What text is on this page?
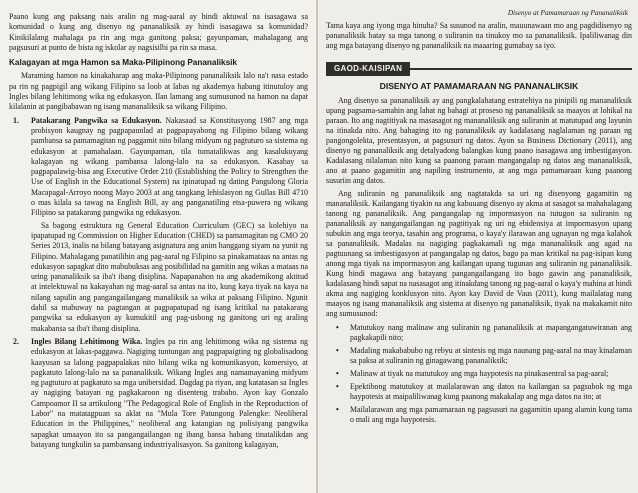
Paano kung ang paksang nais aralin ng mag-aaral ay hindi aktuwal na isasagawa sa komunidad o kung ang disenyo ng pananaliksik ay hindi isasagawa sa komunidad? Kinikilalang mahalaga pa rin ang mga ganitong paksa; gayunpaman, mahalagang ang pagsusuri at punto de bista ng iskolar ay nagsisilbi pa rin sa masa.

Kalagayan at mga Hamon sa Maka-Pilipinong Pananaliksik

Maraming hamon na kinakaharap ang maka-Pilipinong pananaliksik lalo na't nasa estado pa rin ng pagpigil ang wikang Filipino sa loob at labas ng akademya habang itinutuloy ang Ingles bilang lehitimong wika ng edukasyon. Ilan lamang ang sumusunod na hamon na dapat kilalanin at pangibabawan ng isang mananaliksik sa wikang Filipino.

1. Patakarang Pangwika sa Edukasyon. Nakasaad sa Konstitusyong 1987 ang mga probisyon kaugnay ng pagpapaunlad at pagpapayabong ng Filipino bilang wikang pambansa sa pamamagitan ng paggamit nito bilang midyum ng pagtuturo sa sistema ng edukasyon at pamahalaan. Gayunpaman, tila tumatalikwas ang kasalukuyang kalagayan ng wikang pambansa lalong-lalo na sa edukasyon. Kasabay sa pagpapalawig-bisa ang Executive Order 210 (Establishing the Policy to Strengthen the Use of English in the Educational System) na ipinatupad ng dating Pangulong Gloria Macapagal-Arroyo noong Mayo 2003 at ang tangkang lehislasyon ng Gullas Bill 4710 o mas kilala sa tawag na English Bill, ay ang panganatiling etsa-puwera ng wikang Filipino sa patakarang pangwika ng edukasyon.

Sa bagong estruktura ng General Education Curriculum (GEC) sa kolehiyo na ipapatupad ng Commission on Higher Education (CHED) sa pamamagitan ng CMO 20 Series 2013, inalis na bilang batayang asignatura ang anim hanggang siyam na yunit ng Filipino. Mahalagang panatilihin ang pag-aaral ng Filipino sa pinakamataas na antas ng edukasyon sapagkat dito mabubuksas ang posibilidad na gamitin ang wikas a mataas na uring pananaliksik sa iba't ibang disiplina. Napapanahon na ang akademikong aktitud at intelektuwal na kakayahan ng mag-aaral sa antas na ito, kung kaya tiyak na kaya na nilang sapulin ang pangangailangang manaliksik sa wika at paksang Filipino. Ngunit dahil sa mabuway na pagtangan at pagpapatupad ng isang kritikal na patakarang pangwika sa edukasyon ay kumukitil ang pag-usbong ng ganitong uri ng araling makabansa sa iba't ibang disiplina.

2. Ingles Bilang Lehitimong Wika. Ingles pa rin ang lehitimong wika ng sistema ng edukasyon at lakas-paggawa. Nagiging tuntungan ang pagpapaigting ng globalisadong kaayusan sa lalong pagpapalakas nito bilang wika ng komunikasyon, komersiyo, at pagkatuto lalong-lalo na sa pananaliksik. Wikang Ingles ang namamayaning midyum ng pagtuturo at pagkatuto sa mga unibersidad. Dagdag pa riyan, ang katatasan sa Ingles ay nagiging batayan ng pagkakaroon ng disenteng trabaho. Ayon kay Gonzalo Campoamor II sa artikulong "The Pedagogical Role of English in the Reproduction of Labor" na matatagpuan sa aklat na "Mula Tore Patungong Palengke: Neoliberal Education in the Philippines," neoliberal ang katangian ng polisiyang pangwika sapagkat umaayon ito sa pangangailangan ng ibang bansa habang tinatalikdan ang batayang tungkulin sa pambansang industriyalisasyon. Sa ganitong kalagayan,

Disenyo at Pamamaraan ng Pananaliksik

Tama kaya ang iyong mga hinuha? Sa susunod na aralin, mauunawaan mo ang pagdidisenyo ng pananaliksik batay sa mga tanong o suliranin na tinukoy mo sa pananaliksik. Ipaliliwanag din ang mga batayang disenyo ng pananaliksik na maaaring gumabay sa iyo.

GAOD-KAISIPAN
DISENYO AT PAMAMARAAN NG PANANALIKSIK

Ang disenyo sa pananaliksik ay ang pangkalahatang estratehiya na pinipili ng mananaliksik upang pagsama-samahin ang lahat ng bahagi at proseso ng pananaliksik sa maayos at lohikal na paraan. Ito ang nagtitiyak na masasagot ng mananaliksik ang suliranin at matutupad ang layunin na itinakda nito. Ang bahaging ito ng pananaliksik ay kadalasang naglalaman ng paraan ng pangongolekta, presentasyon, at pagsusuri ng datos. Ayon sa Business Dictionary (2011), ang disenyo ng pananaliksik ang detalyadong balangkas kung paano isasagawa ang imbestigasyon. Kadalasang nilalaman nito kung sa paanong paraan mangangalap ng datos ang mananaliksik, ano at paano gagamitin ang napiling instrumento, at ang mga pamamaraan kung paanong susuriin ang datos.

Ang suliranin ng pananaliksik ang nagtatakda sa uri ng disenyong gagamitin ng mananaliksik. Kailangang tiyakin na ang kabuuang disenyo ay akma at sasagot sa mahahalagang tanong ng pananaliksik. Ang pangangalap ng impormasyon na tutugon sa suliranin ng pananaliksik ay nangangailangan ng pagtitiyak ng uri ng ebidensiya at impormasyon upang subukin ang mga teorya, tasahin ang programa, o kaya'y ilarawan ang ugnayan ng mga kalahok sa pananaliksik. Madalas na nagiging pagkakamali ng mga mananaliksik ang agad na pagtuunang sa imbestigasyon at pangangalap ng datos, bago pa man kritikal na pag-isipan kung anong mga tiyak na impormasyon ang kailangan upang tugunan ang suliranin ng pananaliksik. Kung hindi magawa ang batayang pangangailangang ito bago gawin ang pananaliksik, kadalasang hindi sapat na nasasagot ang itinakdang tanong ng pag-aaral o kaya'y mahina at hindi akma ang nagiging konklusyon nito. Ayon kay David de Vaus (2011), kung mailalatag nang maayos ng isang mananaliksik ang sistema at disenyo ng pananaliksik, tiyak na makakamit nito ang sumusunod:

• Matutukoy nang malinaw ang suliranin ng pananaliksik at mapangangatuwiranan ang pagkakapili nito;
• Madaling makababubo ng rebyu at sintesis ng mga naunang pag-aaral na may kinalaman sa paksa at suliranin ng ginagawang pananaliksik;
• Malinaw at tiyak na matutukoy ang mga haypotesis na pinakasentral sa pag-aaral;
• Epektibong matutukoy at mailalarawan ang datos na kailangan sa pagsubok ng mga haypotesis at maipaliliwanag kung paanong makakalap ang mga datos na ito; at
• Mailalarawan ang mga pamamaraan ng pagsusuri na gagamitin upang alamin kung tama o mali ang mga haypotesis.
